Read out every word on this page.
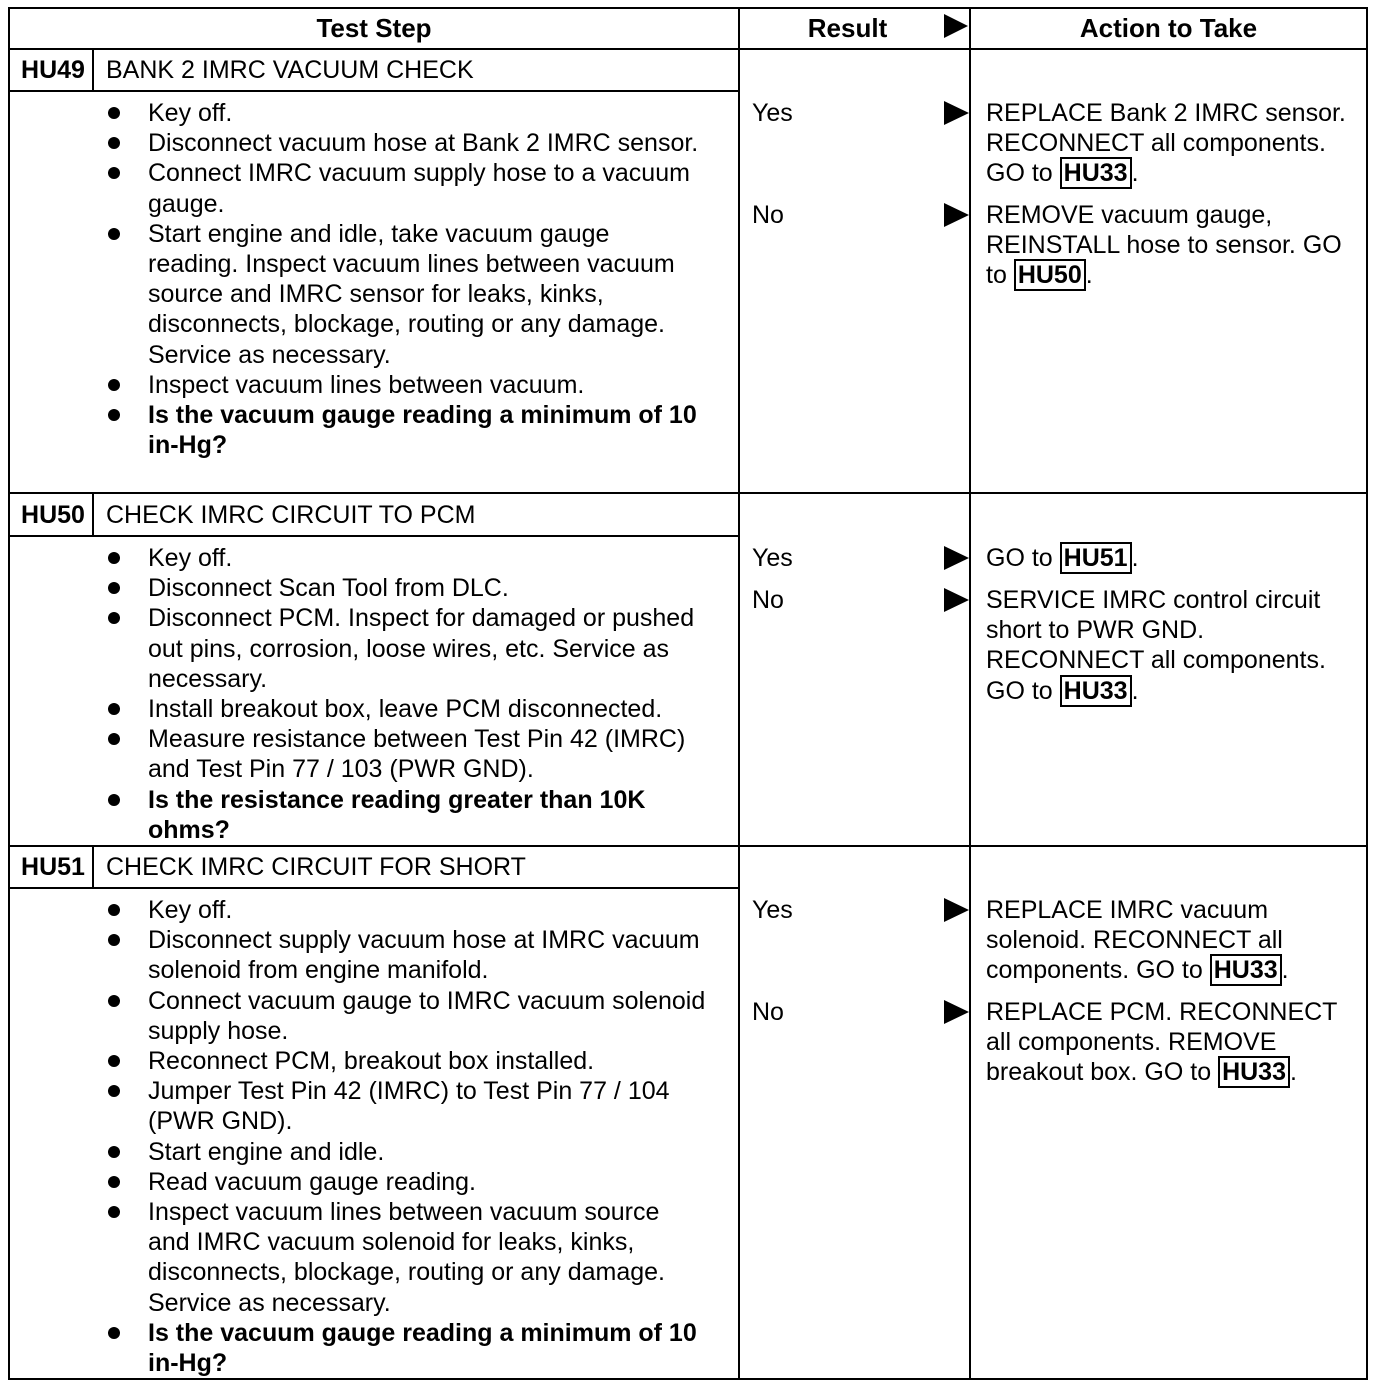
Test Step	Result	Action to Take
HU49 BANK 2 IMRC VACUUM CHECK
Key off.
Disconnect vacuum hose at Bank 2 IMRC sensor.
Connect IMRC vacuum supply hose to a vacuum gauge.
Start engine and idle, take vacuum gauge reading. Inspect vacuum lines between vacuum source and IMRC sensor for leaks, kinks, disconnects, blockage, routing or any damage. Service as necessary.
Inspect vacuum lines between vacuum.
Is the vacuum gauge reading a minimum of 10 in-Hg?
Yes	REPLACE Bank 2 IMRC sensor. RECONNECT all components. GO to HU33 .
No	REMOVE vacuum gauge, REINSTALL hose to sensor. GO to HU50 .
HU50 CHECK IMRC CIRCUIT TO PCM
Key off.
Disconnect Scan Tool from DLC.
Disconnect PCM. Inspect for damaged or pushed out pins, corrosion, loose wires, etc. Service as necessary.
Install breakout box, leave PCM disconnected.
Measure resistance between Test Pin 42 (IMRC) and Test Pin 77 / 103 (PWR GND).
Is the resistance reading greater than 10K ohms?
Yes	GO to HU51 .
No	SERVICE IMRC control circuit short to PWR GND. RECONNECT all components. GO to HU33 .
HU51 CHECK IMRC CIRCUIT FOR SHORT
Key off.
Disconnect supply vacuum hose at IMRC vacuum solenoid from engine manifold.
Connect vacuum gauge to IMRC vacuum solenoid supply hose.
Reconnect PCM, breakout box installed.
Jumper Test Pin 42 (IMRC) to Test Pin 77 / 104 (PWR GND).
Start engine and idle.
Read vacuum gauge reading.
Inspect vacuum lines between vacuum source and IMRC vacuum solenoid for leaks, kinks, disconnects, blockage, routing or any damage. Service as necessary.
Is the vacuum gauge reading a minimum of 10 in-Hg?
Yes	REPLACE IMRC vacuum solenoid. RECONNECT all components. GO to HU33 .
No	REPLACE PCM. RECONNECT all components. REMOVE breakout box. GO to HU33 .
